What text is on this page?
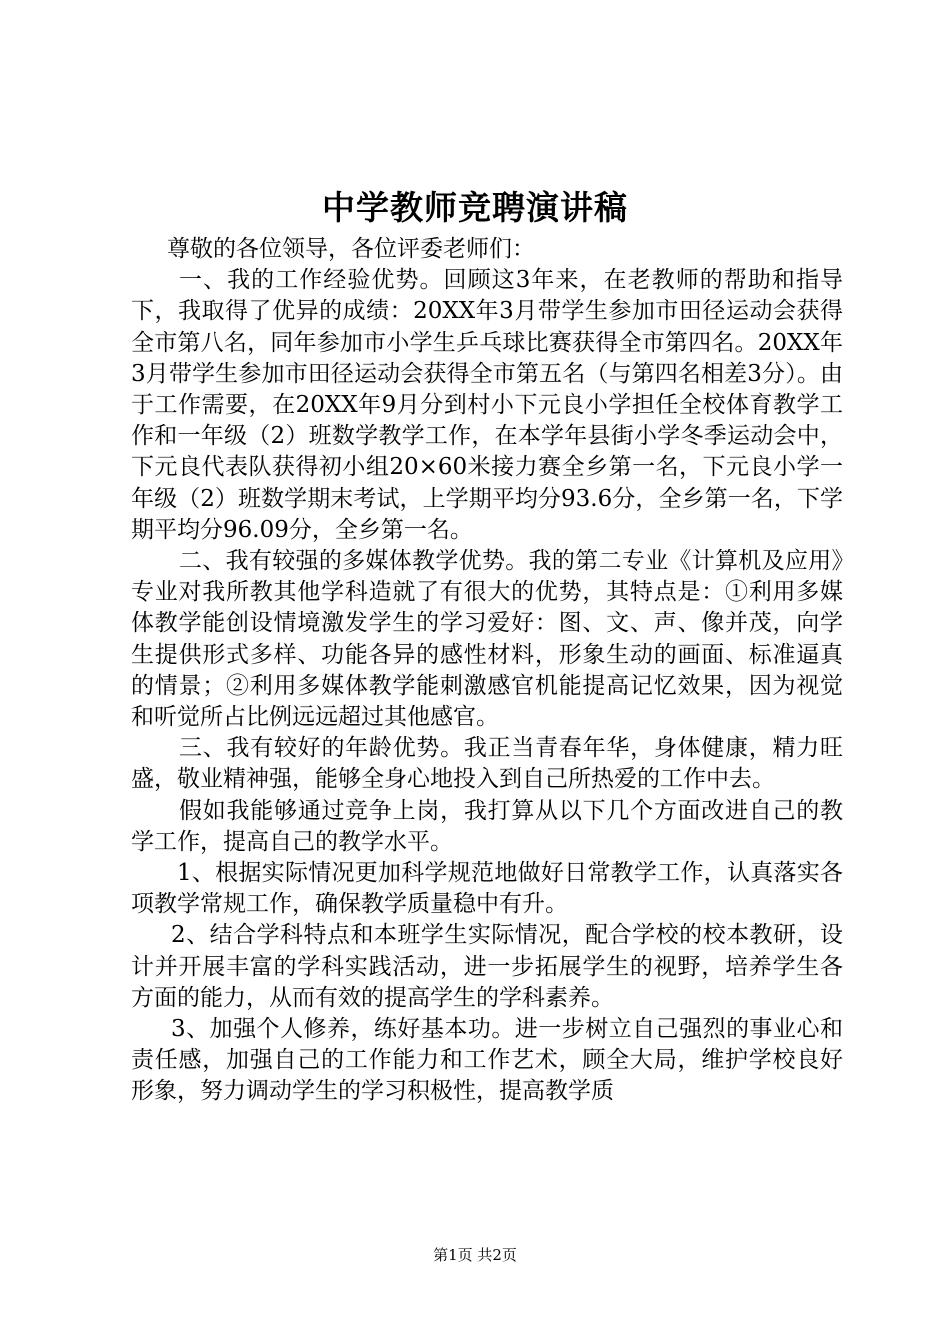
中学教师竞聘演讲稿

尊敬的各位领导，各位评委老师们：

一、我的工作经验优势。回顾这3年来，在老教师的帮助和指导下，我取得了优异的成绩：20XX年3月带学生参加市田径运动会获得全市第八名，同年参加市小学生乒乓球比赛获得全市第四名。20XX年3月带学生参加市田径运动会获得全市第五名（与第四名相差3分）。由于工作需要，在20XX年9月分到村小下元良小学担任全校体育教学工作和一年级（2）班数学教学工作，在本学年县街小学冬季运动会中，下元良代表队获得初小组20×60米接力赛全乡第一名，下元良小学一年级（2）班数学期末考试，上学期平均分93.6分，全乡第一名，下学期平均分96.09分，全乡第一名。

二、我有较强的多媒体教学优势。我的第二专业《计算机及应用》专业对我所教其他学科造就了有很大的优势，其特点是：①利用多媒体教学能创设情境激发学生的学习爱好：图、文、声、像并茂，向学生提供形式多样、功能各异的感性材料，形象生动的画面、标准逼真的情景；②利用多媒体教学能刺激感官机能提高记忆效果，因为视觉和听觉所占比例远远超过其他感官。

三、我有较好的年龄优势。我正当青春年华，身体健康，精力旺盛，敬业精神强，能够全身心地投入到自己所热爱的工作中去。

假如我能够通过竞争上岗，我打算从以下几个方面改进自己的教学工作，提高自己的教学水平。

1、根据实际情况更加科学规范地做好日常教学工作，认真落实各项教学常规工作，确保教学质量稳中有升。

2、结合学科特点和本班学生实际情况，配合学校的校本教研，设计并开展丰富的学科实践活动，进一步拓展学生的视野，培养学生各方面的能力，从而有效的提高学生的学科素养。

3、加强个人修养，练好基本功。进一步树立自己强烈的事业心和责任感，加强自己的工作能力和工作艺术，顾全大局，维护学校良好形象，努力调动学生的学习积极性，提高教学质

第1页 共2页
